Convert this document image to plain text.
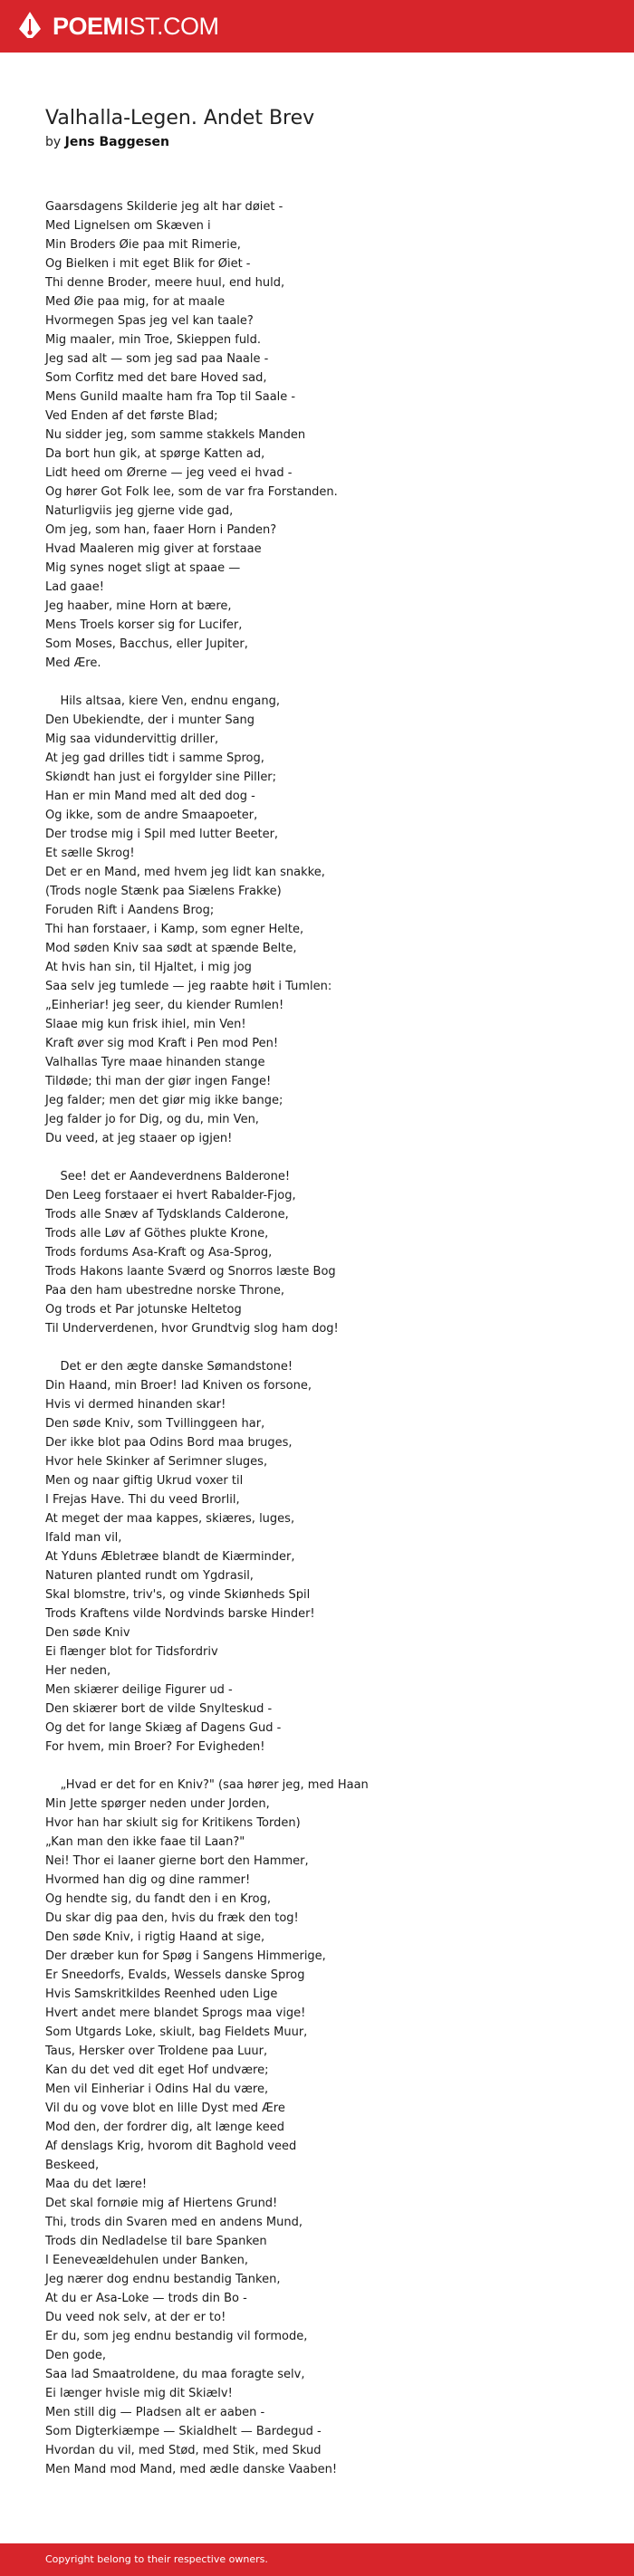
POEMIST.COM
Valhalla-Legen. Andet Brev
by Jens Baggesen
Gaarsdagens Skilderie jeg alt har døiet -
Med Lignelsen om Skæven i
Min Broders Øie paa mit Rimerie,
Og Bielken i mit eget Blik for Øiet -
Thi denne Broder, meere huul, end huld,
Med Øie paa mig, for at maale
Hvormegen Spas jeg vel kan taale?
Mig maaler, min Troe, Skieppen fuld.
Jeg sad alt — som jeg sad paa Naale -
Som Corfitz med det bare Hoved sad,
Mens Gunild maalte ham fra Top til Saale -
Ved Enden af det første Blad;
Nu sidder jeg, som samme stakkels Manden
Da bort hun gik, at spørge Katten ad,
Lidt heed om Ørerne — jeg veed ei hvad -
Og hører Got Folk lee, som de var fra Forstanden.
Naturligviis jeg gjerne vide gad,
Om jeg, som han, faaer Horn i Panden?
Hvad Maaleren mig giver at forstaae
Mig synes noget sligt at spaae —
Lad gaae!
Jeg haaber, mine Horn at bære,
Mens Troels korser sig for Lucifer,
Som Moses, Bacchus, eller Jupiter,
Med Ære.
Hils altsaa, kiere Ven, endnu engang,
Den Ubekiendte, der i munter Sang
Mig saa vidundervittig driller,
At jeg gad drilles tidt i samme Sprog,
Skiøndt han just ei forgylder sine Piller;
Han er min Mand med alt ded dog -
Og ikke, som de andre Smaapoeter,
Der trodse mig i Spil med lutter Beeter,
Et sælle Skrog!
Det er en Mand, med hvem jeg lidt kan snakke,
(Trods nogle Stænk paa Siælens Frakke)
Foruden Rift i Aandens Brog;
Thi han forstaaer, i Kamp, som egner Helte,
Mod søden Kniv saa sødt at spænde Belte,
At hvis han sin, til Hjaltet, i mig jog
Saa selv jeg tumlede — jeg raabte høit i Tumlen:
„Einheriar! jeg seer, du kiender Rumlen!
Slaae mig kun frisk ihiel, min Ven!
Kraft øver sig mod Kraft i Pen mod Pen!
Valhallas Tyre maae hinanden stange
Tildøde; thi man der giør ingen Fange!
Jeg falder; men det giør mig ikke bange;
Jeg falder jo for Dig, og du, min Ven,
Du veed, at jeg staaer op igjen!
See! det er Aandeverdnens Balderone!
Den Leeg forstaaer ei hvert Rabalder-Fjog,
Trods alle Snæv af Tydsklands Calderone,
Trods alle Løv af Göthes plukte Krone,
Trods fordums Asa-Kraft og Asa-Sprog,
Trods Hakons laante Sværd og Snorros læste Bog
Paa den ham ubestredne norske Throne,
Og trods et Par jotunske Heltetog
Til Underverdenen, hvor Grundtvig slog ham dog!
Det er den ægte danske Sømandstone!
Din Haand, min Broer! lad Kniven os forsone,
Hvis vi dermed hinanden skar!
Den søde Kniv, som Tvillinggeen har,
Der ikke blot paa Odins Bord maa bruges,
Hvor hele Skinker af Serimner sluges,
Men og naar giftig Ukrud voxer til
I Frejas Have. Thi du veed Brorlil,
At meget der maa kappes, skiæres, luges,
Ifald man vil,
At Yduns Æbletræe blandt de Kiærminder,
Naturen planted rundt om Ygdrasil,
Skal blomstre, triv's, og vinde Skiønheds Spil
Trods Kraftens vilde Nordvinds barske Hinder!
Den søde Kniv
Ei flænger blot for Tidsfordriv
Her neden,
Men skiærer deilige Figurer ud -
Den skiærer bort de vilde Snylteskud -
Og det for lange Skiæg af Dagens Gud -
For hvem, min Broer? For Evigheden!
„Hvad er det for en Kniv?" (saa hører jeg, med Haan
Min Jette spørger neden under Jorden,
Hvor han har skiult sig for Kritikens Torden)
„Kan man den ikke faae til Laan?"
Nei! Thor ei laaner gierne bort den Hammer,
Hvormed han dig og dine rammer!
Og hendte sig, du fandt den i en Krog,
Du skar dig paa den, hvis du fræk den tog!
Den søde Kniv, i rigtig Haand at sige,
Der dræber kun for Spøg i Sangens Himmerige,
Er Sneedorfs, Evalds, Wessels danske Sprog
Hvis Samskritkildes Reenhed uden Lige
Hvert andet mere blandet Sprogs maa vige!
Som Utgards Loke, skiult, bag Fieldets Muur,
Taus, Hersker over Troldene paa Luur,
Kan du det ved dit eget Hof undvære;
Men vil Einheriar i Odins Hal du være,
Vil du og vove blot en lille Dyst med Ære
Mod den, der fordrer dig, alt længe keed
Af denslags Krig, hvorom dit Baghold veed
Beskeed,
Maa du det lære!
Det skal fornøie mig af Hiertens Grund!
Thi, trods din Svaren med en andens Mund,
Trods din Nedladelse til bare Spanken
I Eeneveældehulen under Banken,
Jeg nærer dog endnu bestandig Tanken,
At du er Asa-Loke — trods din Bo -
Du veed nok selv, at der er to!
Er du, som jeg endnu bestandig vil formode,
Den gode,
Saa lad Smaatroldene, du maa foragte selv,
Ei længer hvisle mig dit Skiælv!
Men still dig — Pladsen alt er aaben -
Som Digterkiæmpe — Skialdhelt — Bardegud -
Hvordan du vil, med Stød, med Stik, med Skud
Men Mand mod Mand, med ædle danske Vaaben!
Copyright belong to their respective owners.
